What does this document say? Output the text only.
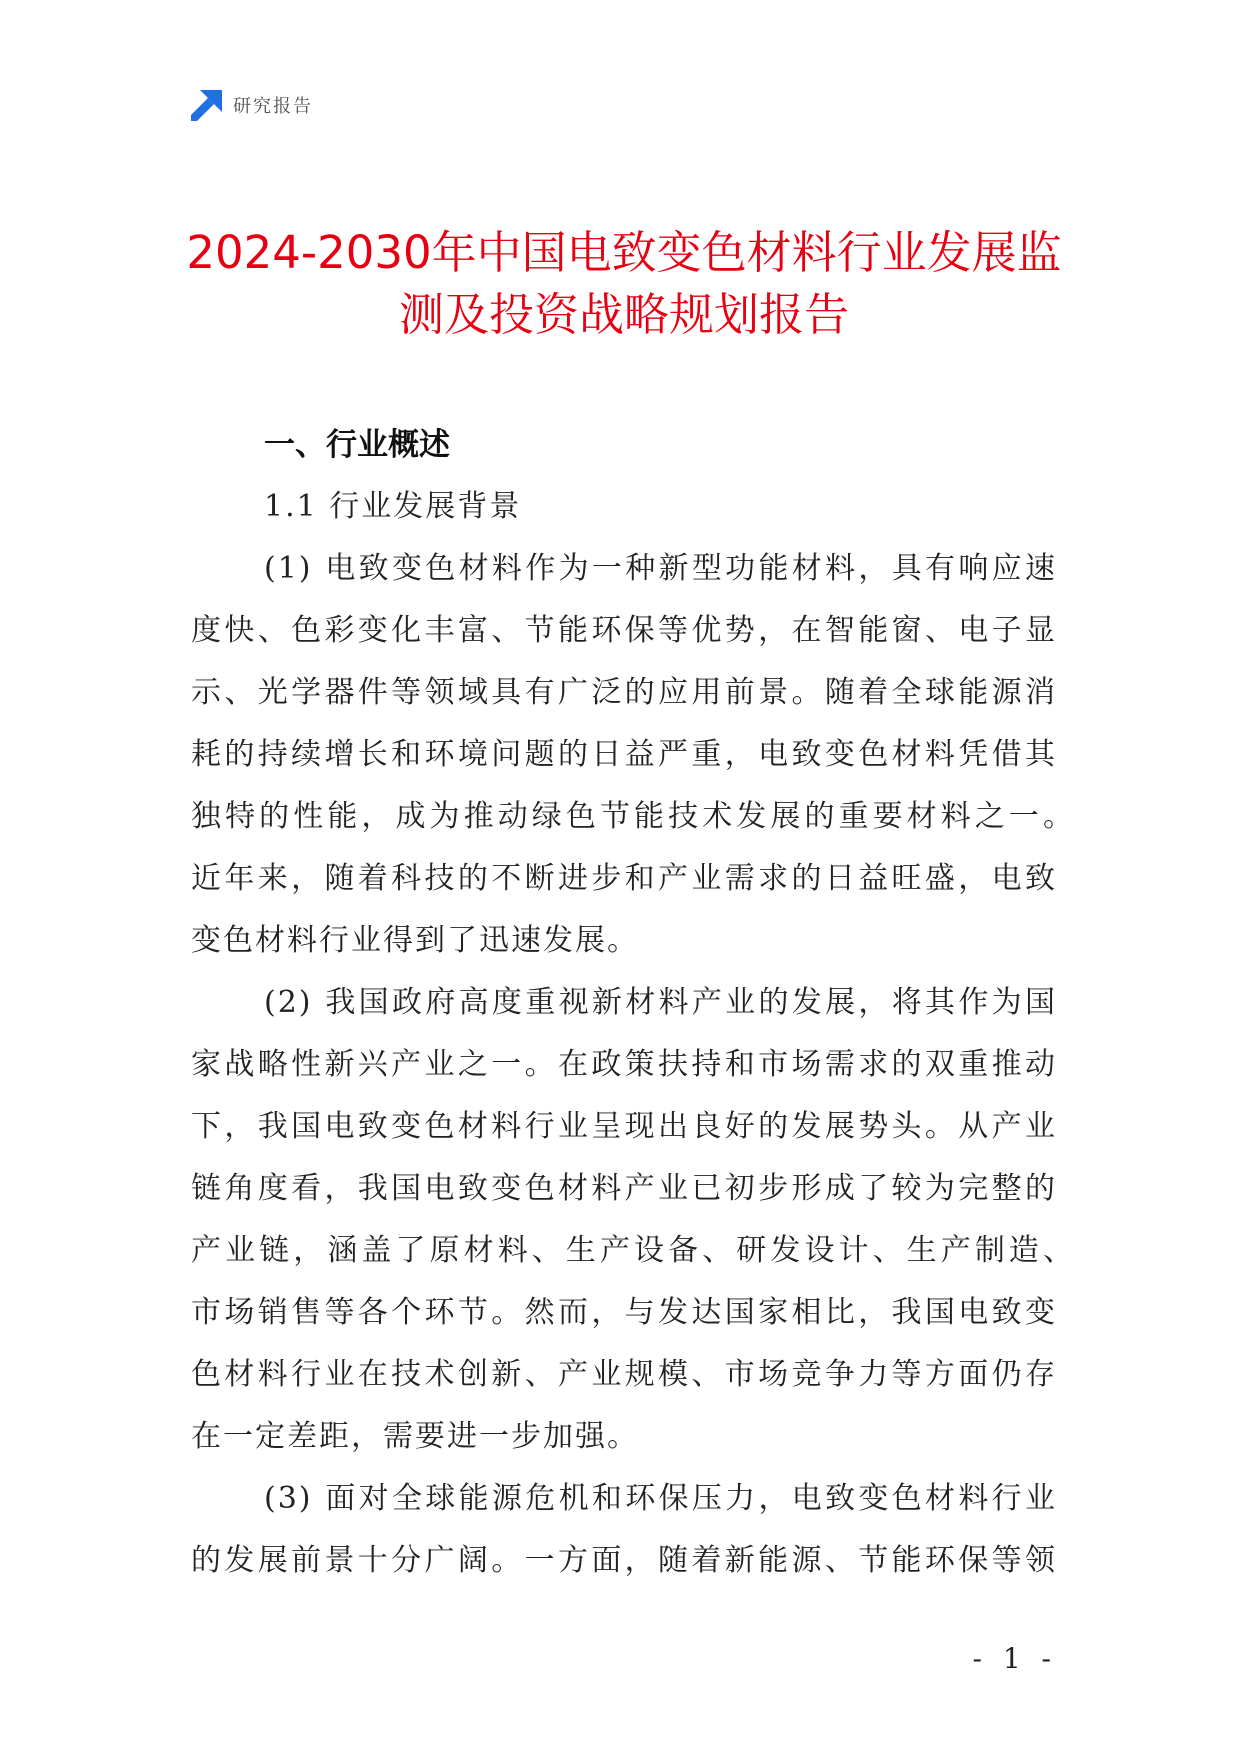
研究报告
2024-2030年中国电致变色材料行业发展监
测及投资战略规划报告
一、行业概述
1.1 行业发展背景
(1) 电致变色材料作为一种新型功能材料，具有响应速
度快、色彩变化丰富、节能环保等优势，在智能窗、电子显
示、光学器件等领域具有广泛的应用前景。随着全球能源消
耗的持续增长和环境问题的日益严重，电致变色材料凭借其
独特的性能，成为推动绿色节能技术发展的重要材料之一。
近年来，随着科技的不断进步和产业需求的日益旺盛，电致
变色材料行业得到了迅速发展。
(2) 我国政府高度重视新材料产业的发展，将其作为国
家战略性新兴产业之一。在政策扶持和市场需求的双重推动
下，我国电致变色材料行业呈现出良好的发展势头。从产业
链角度看，我国电致变色材料产业已初步形成了较为完整的
产业链，涵盖了原材料、生产设备、研发设计、生产制造、
市场销售等各个环节。然而，与发达国家相比，我国电致变
色材料行业在技术创新、产业规模、市场竞争力等方面仍存
在一定差距，需要进一步加强。
(3) 面对全球能源危机和环保压力，电致变色材料行业
的发展前景十分广阔。一方面，随着新能源、节能环保等领
- 1 -
